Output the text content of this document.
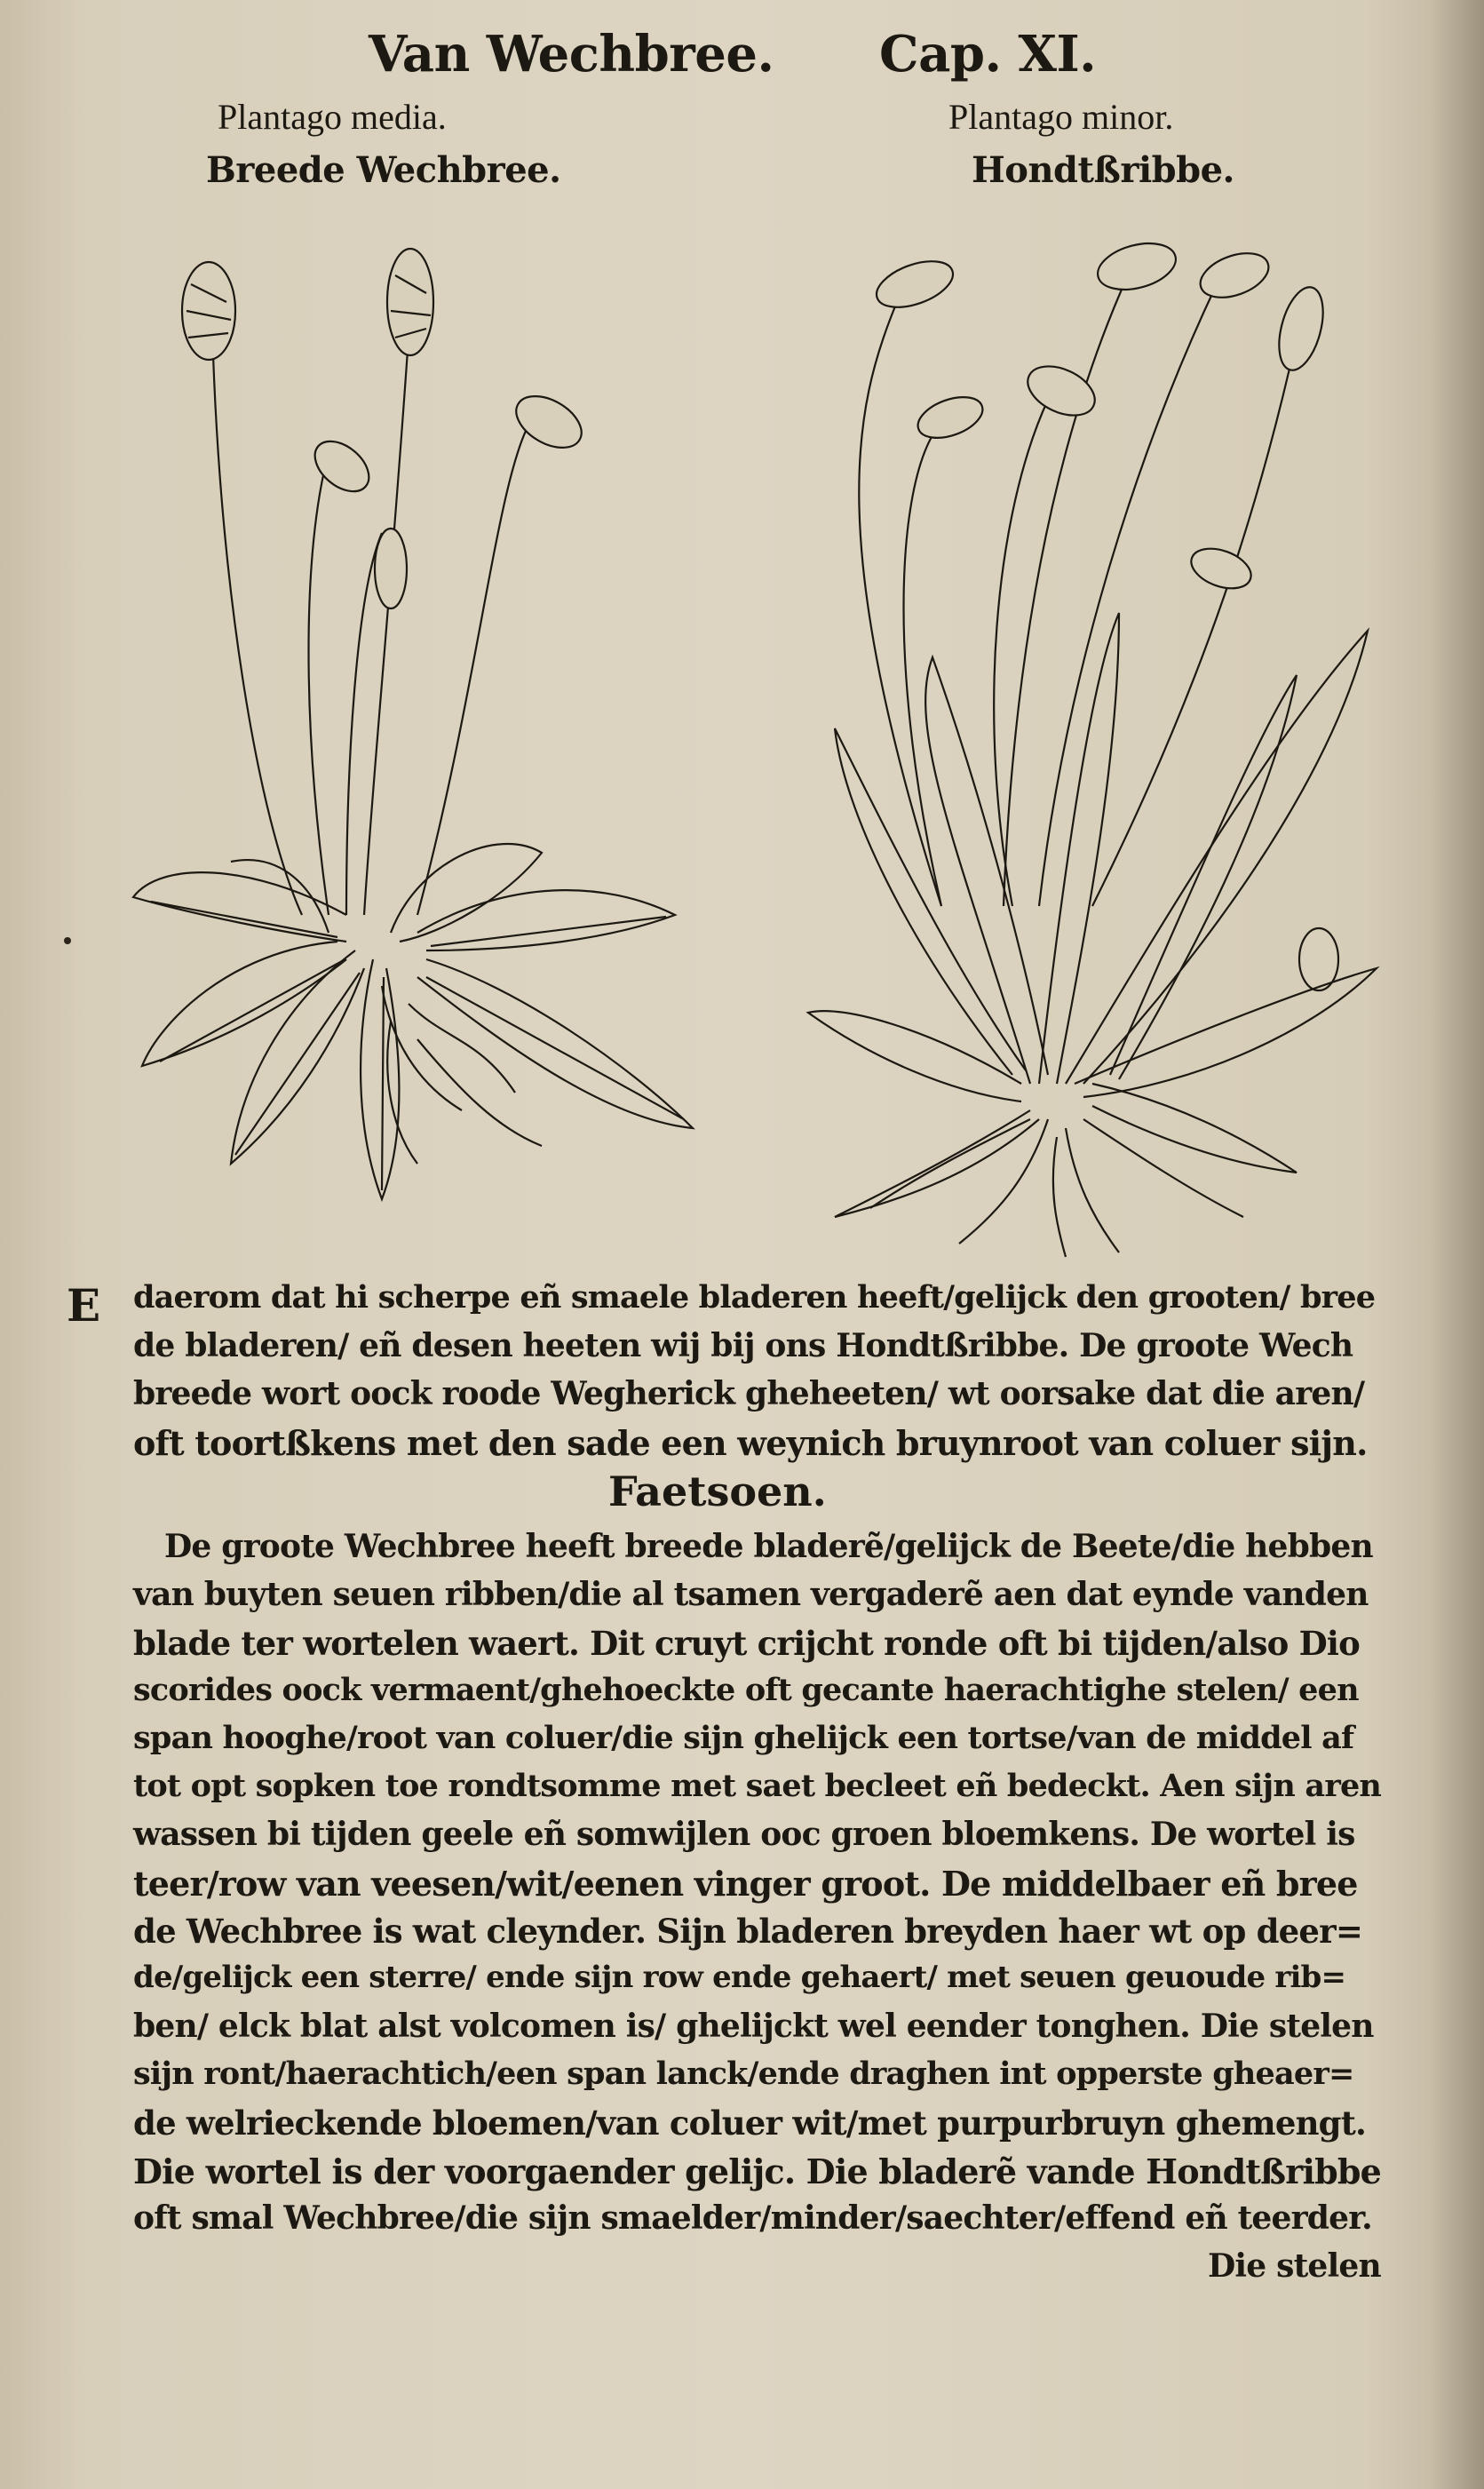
Van Wechbree. Cap. XI.
Plantago media.
Breede Wechbree.
Plantago minor.
Hondtßribbe.
E daerom dat hi scherpe eñ smaele bladeren heeft/gelijck den grooten/ bree
de bladeren/ eñ desen heeten wij bij ons Hondtßribbe. De groote Wech
breede wort oock roode Wegherick gheheeten/ wt oorsake dat die aren/
oft toortßkens met den sade een weynich bruynroot van coluer sijn.
Faetsoen.
De groote Wechbree heeft breede bladerẽ/gelijck de Beete/die hebben
van buyten seuen ribben/die al tsamen vergaderẽ aen dat eynde vanden
blade ter wortelen waert. Dit cruyt crijcht ronde oft bi tijden/also Dio
scorides oock vermaent/ghehoeckte oft gecante haerachtighe stelen/ een
span hooghe/root van coluer/die sijn ghelijck een tortse/van de middel af
tot opt sopken toe rondtsomme met saet becleet eñ bedeckt. Aen sijn aren
wassen bi tijden geele eñ somwijlen ooc groen bloemkens. De wortel is
teer/row van veesen/wit/eenen vinger groot. De middelbaer eñ bree
de Wechbree is wat cleynder. Sijn bladeren breyden haer wt op deer=
de/gelijck een sterre/ ende sijn row ende gehaert/ met seuen geuoude rib=
ben/ elck blat alst volcomen is/ ghelijckt wel eender tonghen. Die stelen
sijn ront/haerachtich/een span lanck/ende draghen int opperste gheaer=
de welrieckende bloemen/van coluer wit/met purpurbruyn ghemengt.
Die wortel is der voorgaender gelijc. Die bladerẽ vande Hondtßribbe
oft smal Wechbree/die sijn smaelder/minder/saechter/effend eñ teerder.
Die stelen
